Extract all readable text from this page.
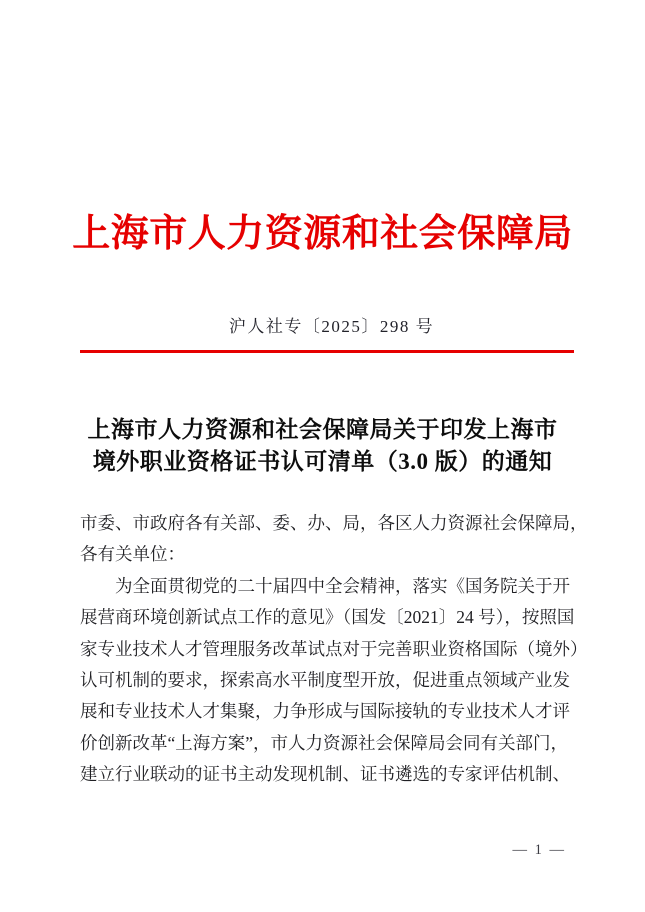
上海市人力资源和社会保障局
沪人社专〔2025〕298 号
上海市人力资源和社会保障局关于印发上海市
境外职业资格证书认可清单（3.0 版）的通知
市委、市政府各有关部、委、办、局，各区人力资源社会保障局，
各有关单位：
　　为全面贯彻党的二十届四中全会精神，落实《国务院关于开
展营商环境创新试点工作的意见》（国发〔2021〕24 号），按照国
家专业技术人才管理服务改革试点对于完善职业资格国际（境外）
认可机制的要求，探索高水平制度型开放，促进重点领域产业发
展和专业技术人才集聚，力争形成与国际接轨的专业技术人才评
价创新改革“上海方案”，市人力资源社会保障局会同有关部门，
建立行业联动的证书主动发现机制、证书遴选的专家评估机制、
— 1 —
